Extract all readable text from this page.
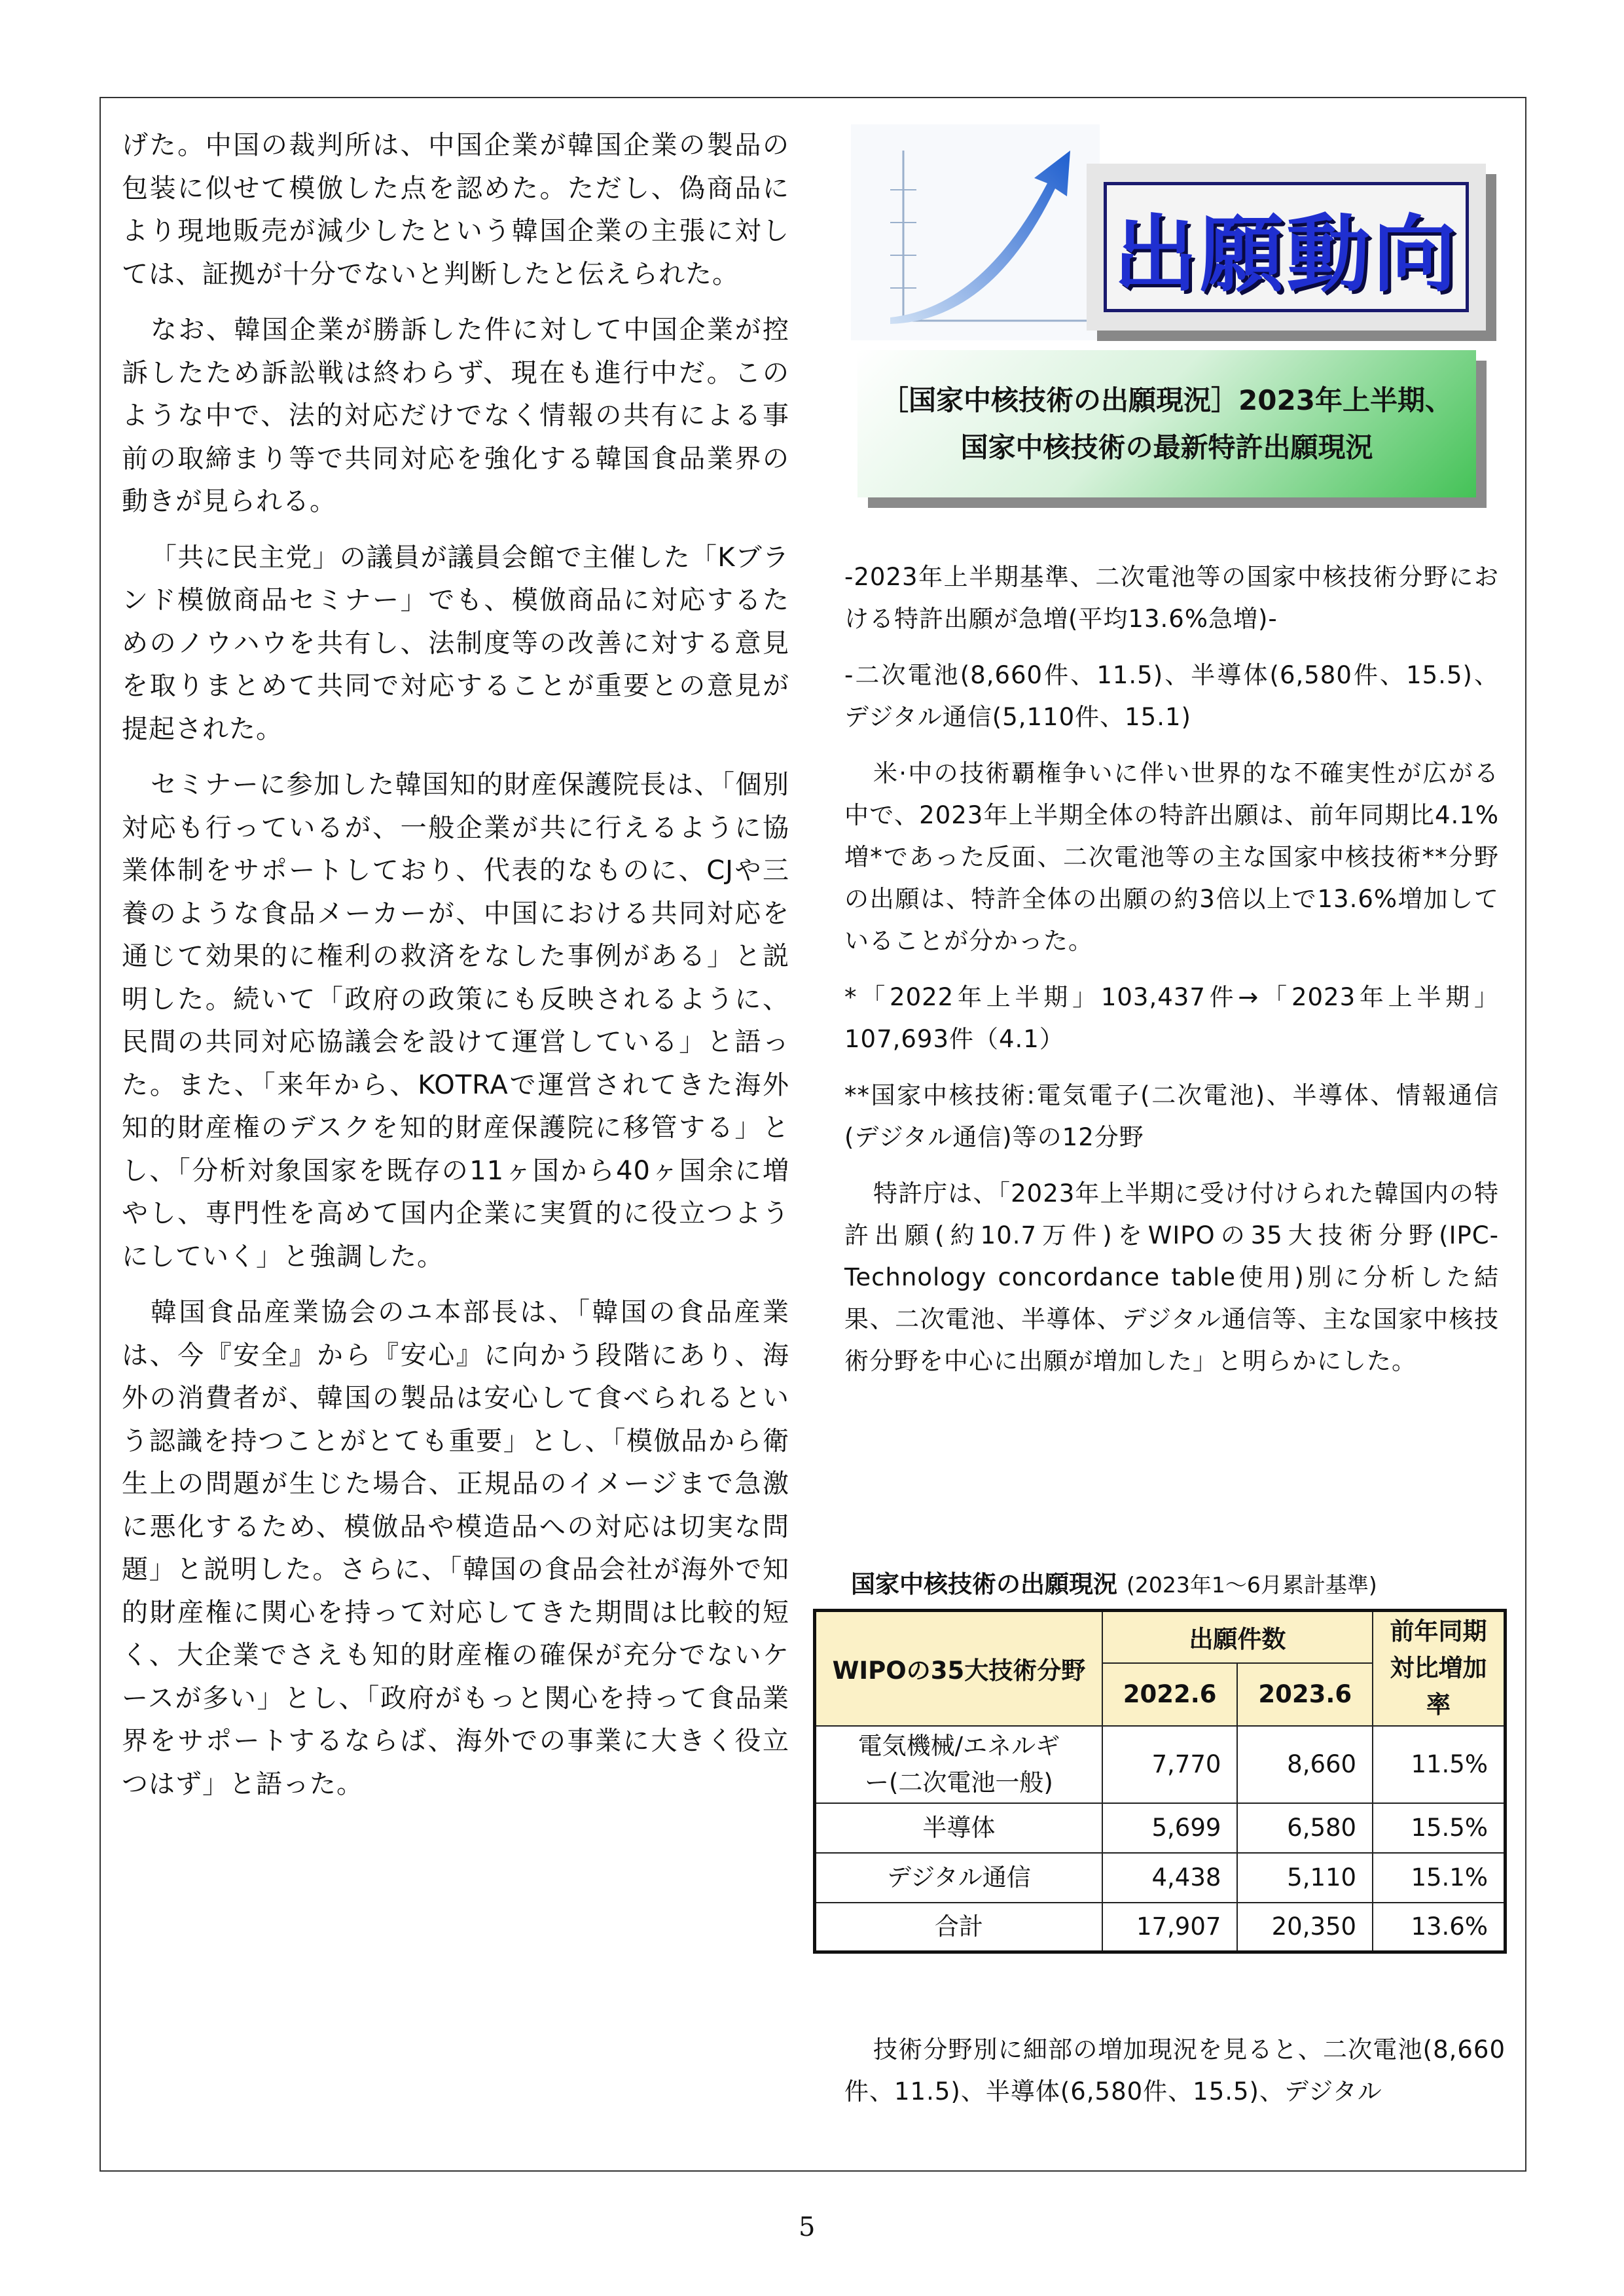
げた。中国の裁判所は、中国企業が韓国企業の製品の包装に似せて模倣した点を認めた。ただし、偽商品により現地販売が減少したという韓国企業の主張に対しては、証拠が十分でないと判断したと伝えられた。

なお、韓国企業が勝訴した件に対して中国企業が控訴したため訴訟戦は終わらず、現在も進行中だ。このような中で、法的対応だけでなく情報の共有による事前の取締まり等で共同対応を強化する韓国食品業界の動きが見られる。

「共に民主党」の議員が議員会館で主催した「Kブランド模倣商品セミナー」でも、模倣商品に対応するためのノウハウを共有し、法制度等の改善に対する意見を取りまとめて共同で対応することが重要との意見が提起された。

セミナーに参加した韓国知的財産保護院長は、「個別対応も行っているが、一般企業が共に行えるように協業体制をサポートしており、代表的なものに、CJや三養のような食品メーカーが、中国における共同対応を通じて効果的に権利の救済をなした事例がある」と説明した。続いて「政府の政策にも反映されるように、民間の共同対応協議会を設けて運営している」と語った。また、「来年から、KOTRAで運営されてきた海外知的財産権のデスクを知的財産保護院に移管する」とし、「分析対象国家を既存の11ヶ国から40ヶ国余に増やし、専門性を高めて国内企業に実質的に役立つようにしていく」と強調した。

韓国食品産業協会のユ本部長は、「韓国の食品産業は、今『安全』から『安心』に向かう段階にあり、海外の消費者が、韓国の製品は安心して食べられるという認識を持つことがとても重要」とし、「模倣品から衛生上の問題が生じた場合、正規品のイメージまで急激に悪化するため、模倣品や模造品への対応は切実な問題」と説明した。さらに、「韓国の食品会社が海外で知的財産権に関心を持って対応してきた期間は比較的短く、大企業でさえも知的財産権の確保が充分でないケースが多い」とし、「政府がもっと関心を持って食品業界をサポートするならば、海外での事業に大きく役立つはず」と語った。

出願動向
［国家中核技術の出願現況］2023年上半期、国家中核技術の最新特許出願現況

-2023年上半期基準、二次電池等の国家中核技術分野における特許出願が急増(平均13.6%急増)-

-二次電池(8,660件、11.5)、半導体(6,580件、15.5)、デジタル通信(5,110件、15.1)

米·中の技術覇権争いに伴い世界的な不確実性が広がる中で、2023年上半期全体の特許出願は、前年同期比4.1%増*であった反面、二次電池等の主な国家中核技術**分野の出願は、特許全体の出願の約3倍以上で13.6%増加していることが分かった。

*「2022年上半期」103,437件→「2023年上半期」107,693件（4.1）

**国家中核技術:電気電子(二次電池)、半導体、情報通信(デジタル通信)等の12分野

特許庁は、「2023年上半期に受け付けられた韓国内の特許出願(約10.7万件)をWIPOの35大技術分野(IPC-Technology concordance table使用)別に分析した結果、二次電池、半導体、デジタル通信等、主な国家中核技術分野を中心に出願が増加した」と明らかにした。

国家中核技術の出願現況 (2023年1～6月累計基準)
WIPOの35大技術分野	出願件数		前年同期対比増加率
	2022.6	2023.6	
電気機械/エネルギー(二次電池一般)	7,770	8,660	11.5%
半導体	5,699	6,580	15.5%
デジタル通信	4,438	5,110	15.1%
合計	17,907	20,350	13.6%

技術分野別に細部の増加現況を見ると、二次電池(8,660件、11.5)、半導体(6,580件、15.5)、デジタル

5
